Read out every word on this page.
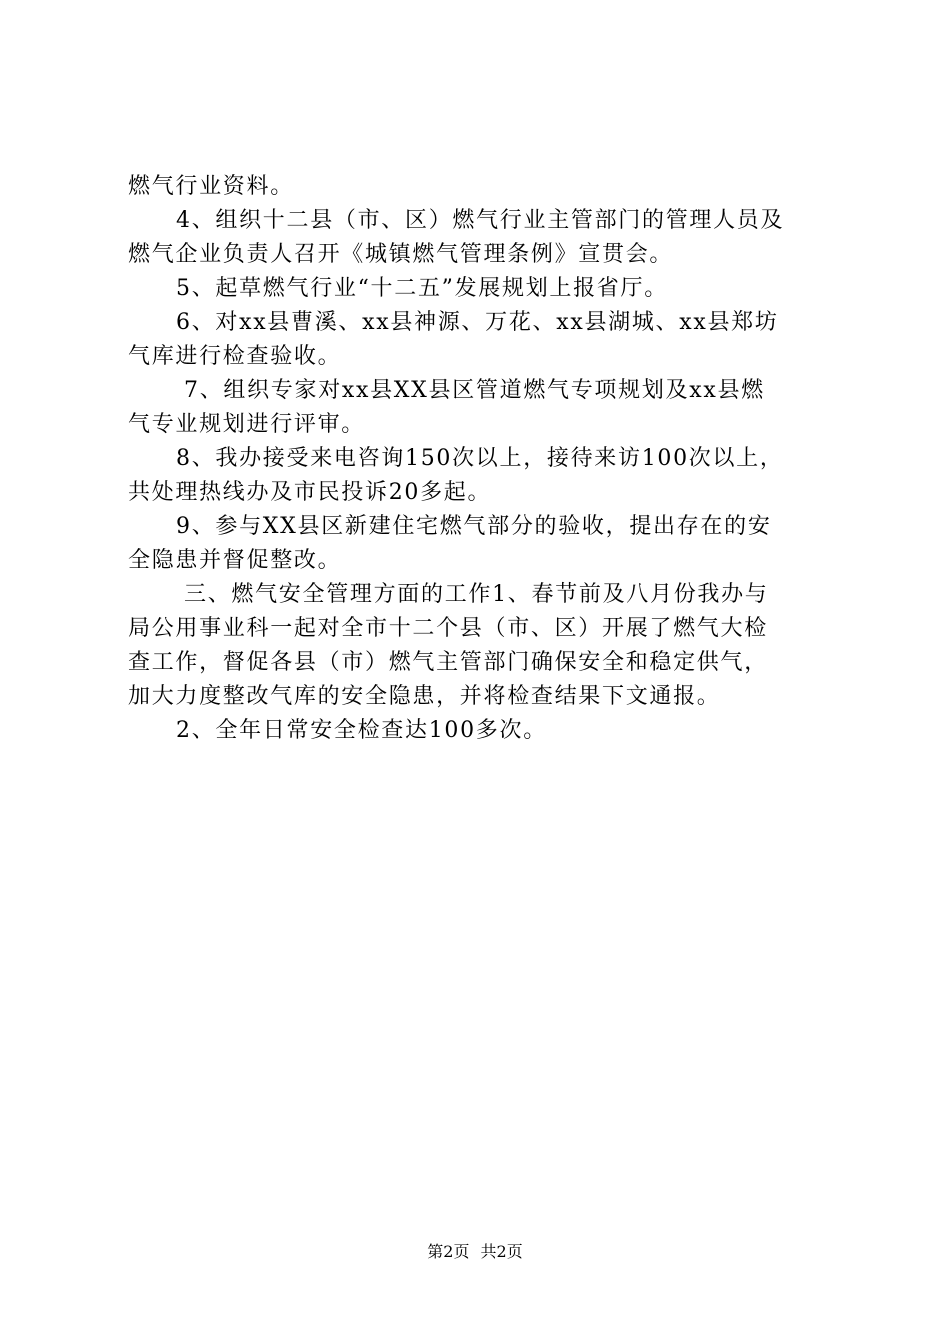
燃气行业资料。
4、组织十二县（市、区）燃气行业主管部门的管理人员及
燃气企业负责人召开《城镇燃气管理条例》宣贯会。
5、起草燃气行业“十二五”发展规划上报省厅。
6、对xx县曹溪、xx县神源、万花、xx县湖城、xx县郑坊
气库进行检查验收。
7、组织专家对xx县XX县区管道燃气专项规划及xx县燃
气专业规划进行评审。
8、我办接受来电咨询150次以上，接待来访100次以上，
共处理热线办及市民投诉20多起。
9、参与XX县区新建住宅燃气部分的验收，提出存在的安
全隐患并督促整改。
三、燃气安全管理方面的工作1、春节前及八月份我办与
局公用事业科一起对全市十二个县（市、区）开展了燃气大检
查工作，督促各县（市）燃气主管部门确保安全和稳定供气，
加大力度整改气库的安全隐患，并将检查结果下文通报。
2、全年日常安全检查达100多次。
第2页 共2页
